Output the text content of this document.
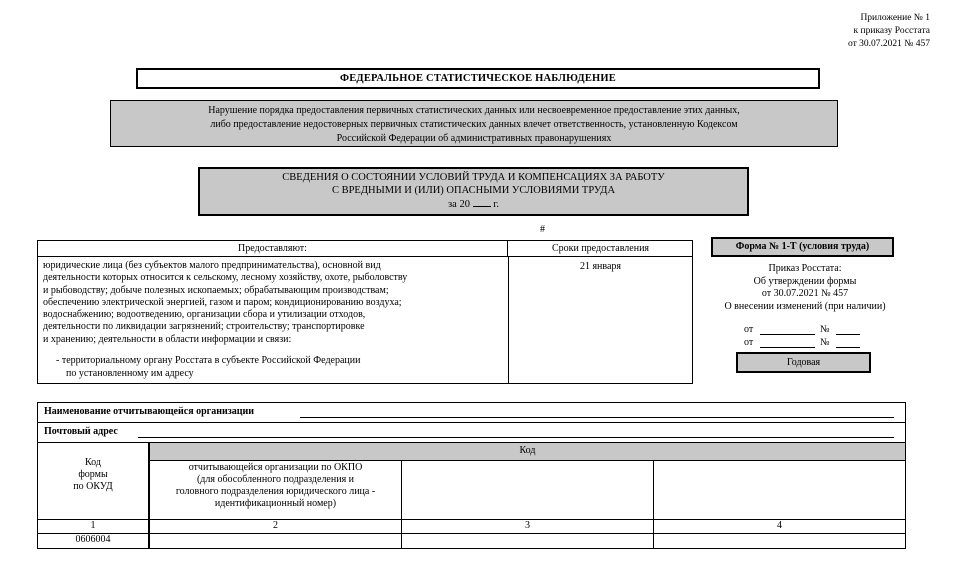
Приложение № 1
к приказу Росстата
от 30.07.2021 № 457
ФЕДЕРАЛЬНОЕ СТАТИСТИЧЕСКОЕ НАБЛЮДЕНИЕ
Нарушение порядка предоставления первичных статистических данных или несвоевременное предоставление этих данных,
либо предоставление недостоверных первичных статистических данных влечет ответственность, установленную Кодексом
Российской Федерации об административных правонарушениях
СВЕДЕНИЯ О СОСТОЯНИИ УСЛОВИЙ ТРУДА И КОМПЕНСАЦИЯХ ЗА РАБОТУ
С ВРЕДНЫМИ И (ИЛИ) ОПАСНЫМИ УСЛОВИЯМИ ТРУДА
за 20 г.
#
Предоставляют:	Сроки предоставления
юридические лица (без субъектов малого предпринимательства), основной вид
деятельности которых относится к сельскому, лесному хозяйству, охоте, рыболовству
и рыбоводству; добыче полезных ископаемых; обрабатывающим производствам;
обеспечению электрической энергией, газом и паром; кондиционированию воздуха;
водоснабжению; водоотведению, организации сбора и утилизации отходов,
деятельности по ликвидации загрязнений; строительству; транспортировке
и хранению; деятельности в области информации и связи:
- территориальному органу Росстата в субъекте Российской Федерации
по установленному им адресу
21 января
Форма № 1-Т (условия труда)
Приказ Росстата:
Об утверждении формы
от 30.07.2021 № 457
О внесении изменений (при наличии)
от	№
от	№
Годовая
Наименование отчитывающейся организации
Почтовый адрес
Код
формы
по ОКУД
Код
отчитывающейся организации по ОКПО
(для обособленного подразделения и
головного подразделения юридического лица -
идентификационный номер)
1	2	3	4
0606004
